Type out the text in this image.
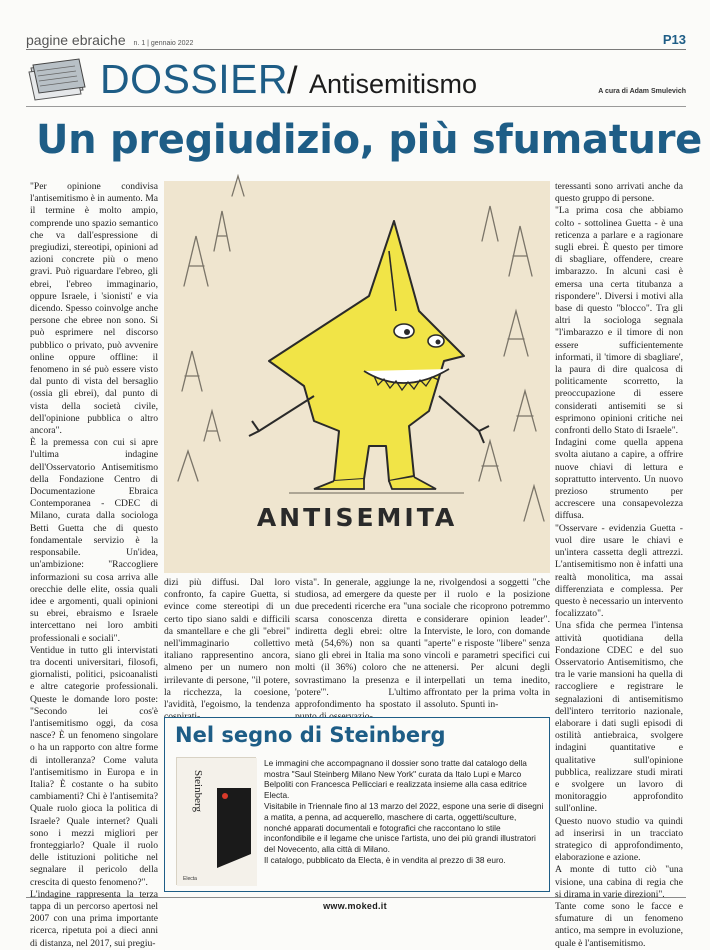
pagine ebraiche n. 1 | gennaio 2022	P13
DOSSIER
/ Antisemitismo	A cura di Adam Smulevich
Un pregiudizio, più sfumature

"Per opinione condivisa l'antisemitismo è in aumento. Ma il termine è molto ampio, comprende uno spazio semantico che va dall'espressione di pregiudizi, stereotipi, opinioni ad azioni concrete più o meno gravi. Può riguardare l'ebreo, gli ebrei, l'ebreo immaginario, oppure Israele, i 'sionisti' e via dicendo. Spesso coinvolge anche persone che ebree non sono. Si può esprimere nel discorso pubblico o privato, può avvenire online oppure offline: il fenomeno in sé può essere visto dal punto di vista del bersaglio (ossia gli ebrei), dal punto di vista della società civile, dell'opinione pubblica o altro ancora".

È la premessa con cui si apre l'ultima indagine dell'Osservatorio Antisemitismo della Fondazione Centro di Documentazione Ebraica Contemporanea - CDEC di Milano, curata dalla sociologa Betti Guetta che di questo fondamentale servizio è la responsabile. Un'idea, un'ambizione: "Raccogliere informazioni su cosa arriva alle orecchie delle elite, ossia quali idee e argomenti, quali opinioni su ebrei, ebraismo e Israele intercettano nei loro ambiti professionali e sociali".

Ventidue in tutto gli intervistati tra docenti universitari, filosofi, giornalisti, politici, psicoanalisti e altre categorie professionali. Queste le domande loro poste: "Secondo lei cos'è l'antisemitismo oggi, da cosa nasce? È un fenomeno singolare o ha un rapporto con altre forme di intolleranza? Come valuta l'antisemitismo in Europa e in Italia? È costante o ha subito cambiamenti? Chi è l'antisemita? Quale ruolo gioca la politica di Israele? Quale internet? Quali sono i mezzi migliori per fronteggiarlo? Quale il ruolo delle istituzioni politiche nel segnalare il pericolo della crescita di questo fenomeno?".

L'indagine rappresenta la terza tappa di un percorso apertosi nel 2007 con una prima importante ricerca, ripetuta poi a dieci anni di distanza, nel 2017, sui pregiu-

ANTISEMITA
dizi più diffusi. Dal loro confronto, fa capire Guetta, si evince come stereotipi di un certo tipo siano saldi e difficili da smantellare e che gli "ebrei" nell'immaginario collettivo italiano rappresentino ancora, almeno per un numero non irrilevante di persone, "il potere, la ricchezza, la coesione, l'avidità, l'egoismo, la tendenza
vista". In generale, aggiunge la studiosa, ad emergere da queste due precedenti ricerche era "una scarsa conoscenza diretta e indiretta degli ebrei: oltre la metà (54,6%) non sa quanti siano gli ebrei in Italia ma sono molti (il 36%) coloro che ne sovrastimano la presenza e il 'potere'". L'ultimo approfondimento ha spostato il
ne, rivolgendosi a soggetti "che per il ruolo e la posizione sociale che ricoprono potremmo considerare opinion leader". Interviste, le loro, con domande "aperte" e risposte "libere" senza vincoli e parametri specifici cui attenersi. Per alcuni degli interpellati un tema inedito, affrontato per la prima volta in assoluto. Spunti in-
Nel segno di Steinberg
Steinberg
Electa

Le immagini che accompagnano il dossier sono tratte dal catalogo della mostra "Saul Steinberg Milano New York" curata da Italo Lupi e Marco Belpoliti con Francesca Pellicciari e realizzata insieme alla casa editrice Electa.

Visitabile in Triennale fino al 13 marzo del 2022, espone una serie di disegni a matita, a penna, ad acquerello, maschere di carta, oggetti/sculture, nonché apparati documentali e fotografici che raccontano lo stile inconfondibile e il legame che unisce l'artista, uno dei più grandi illustratori del Novecento, alla città di Milano.

Il catalogo, pubblicato da Electa, è in vendita al prezzo di 38 euro.

teressanti sono arrivati anche da questo gruppo di persone.

"La prima cosa che abbiamo colto - sottolinea Guetta - è una reticenza a parlare e a ragionare sugli ebrei. È questo per timore di sbagliare, offendere, creare imbarazzo. In alcuni casi è emersa una certa titubanza a rispondere". Diversi i motivi alla base di questo "blocco". Tra gli altri la sociologa segnala "l'imbarazzo e il timore di non essere sufficientemente informati, il 'timore di sbagliare', la paura di dire qualcosa di politicamente scorretto, la preoccupazione di essere considerati antisemiti se si esprimono opinioni critiche nei confronti dello Stato di Israele".

Indagini come quella appena svolta aiutano a capire, a offrire nuove chiavi di lettura e soprattutto intervento. Un nuovo prezioso strumento per accrescere una consapevolezza diffusa.

"Osservare - evidenzia Guetta - vuol dire usare le chiavi e un'intera cassetta degli attrezzi. L'antisemitismo non è infatti una realtà monolitica, ma assai differenziata e complessa. Per questo è necessario un intervento focalizzato".

Una sfida che permea l'intensa attività quotidiana della Fondazione CDEC e del suo Osservatorio Antisemitismo, che tra le varie mansioni ha quella di raccogliere e registrare le segnalazioni di antisemitismo dell'intero territorio nazionale, elaborare i dati sugli episodi di ostilità antiebraica, svolgere indagini quantitative e qualitative sull'opinione pubblica, realizzare studi mirati e svolgere un lavoro di monitoraggio approfondito sull'online.

Questo nuovo studio va quindi ad inserirsi in un tracciato strategico di approfondimento, elaborazione e azione.

A monte di tutto ciò "una visione, una cabina di regia che si dirama in varie direzioni".

Tante come sono le facce e sfumature di un fenomeno antico, ma sempre in evoluzione, quale è l'antisemitismo.

www.moked.it
